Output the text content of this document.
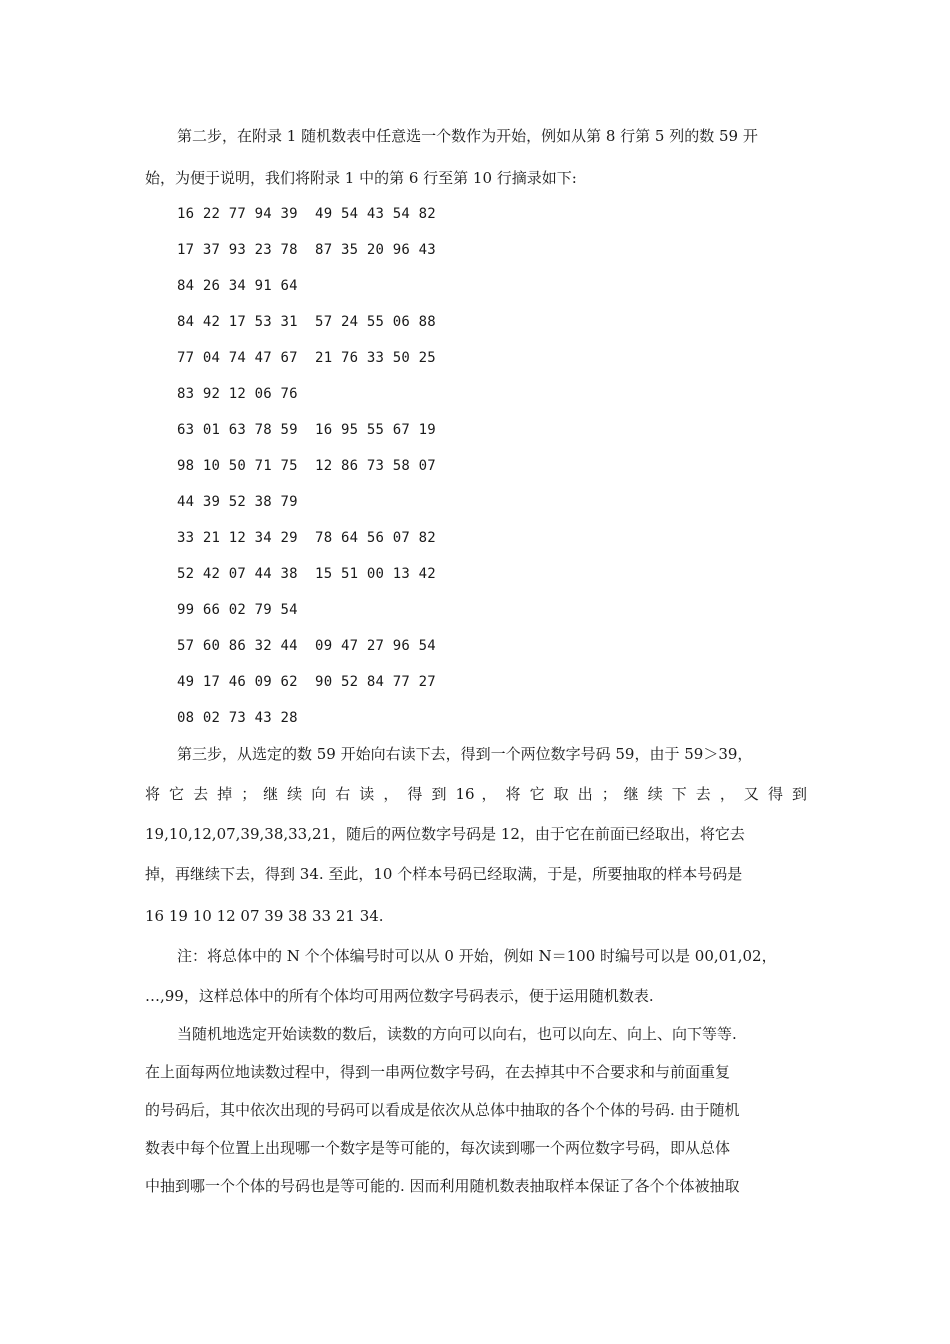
第二步，在附录 1 随机数表中任意选一个数作为开始，例如从第 8 行第 5 列的数 59 开

始，为便于说明，我们将附录 1 中的第 6 行至第 10 行摘录如下:

16 22 77 94 39  49 54 43 54 82

17 37 93 23 78  87 35 20 96 43

84 26 34 91 64

84 42 17 53 31  57 24 55 06 88

77 04 74 47 67  21 76 33 50 25

83 92 12 06 76

63 01 63 78 59  16 95 55 67 19

98 10 50 71 75  12 86 73 58 07

44 39 52 38 79

33 21 12 34 29  78 64 56 07 82

52 42 07 44 38  15 51 00 13 42

99 66 02 79 54

57 60 86 32 44  09 47 27 96 54

49 17 46 09 62  90 52 84 77 27

08 02 73 43 28

第三步，从选定的数 59 开始向右读下去，得到一个两位数字号码 59，由于 59＞39，

将 它 去 掉 ； 继 续 向 右 读 ， 得 到 16 ， 将 它 取 出 ； 继 续 下 去 ， 又 得 到

19,10,12,07,39,38,33,21，随后的两位数字号码是 12，由于它在前面已经取出，将它去

掉，再继续下去，得到 34. 至此，10 个样本号码已经取满，于是，所要抽取的样本号码是

16 19 10 12 07 39 38 33 21 34.

注：将总体中的 N 个个体编号时可以从 0 开始，例如 N＝100 时编号可以是 00,01,02，

…,99，这样总体中的所有个体均可用两位数字号码表示，便于运用随机数表.

当随机地选定开始读数的数后，读数的方向可以向右，也可以向左、向上、向下等等.

在上面每两位地读数过程中，得到一串两位数字号码，在去掉其中不合要求和与前面重复

的号码后，其中依次出现的号码可以看成是依次从总体中抽取的各个个体的号码. 由于随机

数表中每个位置上出现哪一个数字是等可能的，每次读到哪一个两位数字号码，即从总体

中抽到哪一个个体的号码也是等可能的. 因而利用随机数表抽取样本保证了各个个体被抽取
